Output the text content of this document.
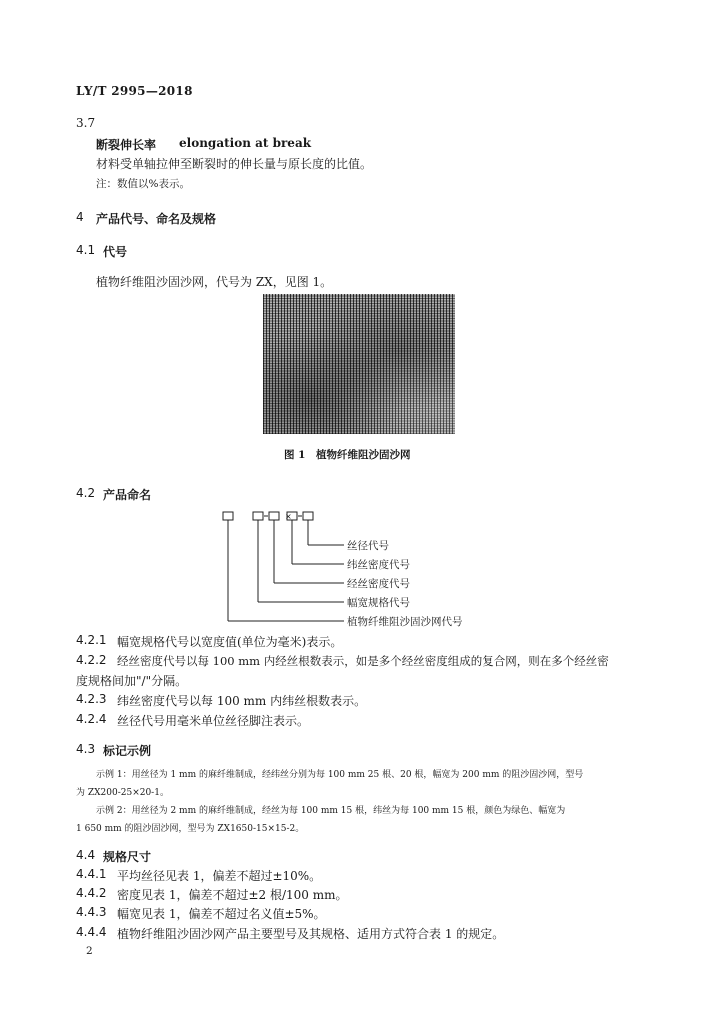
LY/T 2995—2018
3.7
断裂伸长率 elongation at break
材料受单轴拉伸至断裂时的伸长量与原长度的比值。
注：数值以%表示。
4 产品代号、命名及规格
4.1 代号
植物纤维阻沙固沙网，代号为 ZX，见图 1。
图 1　植物纤维阻沙固沙网
4.2 产品命名
×
丝径代号
纬丝密度代号
经丝密度代号
幅宽规格代号
植物纤维阻沙固沙网代号
4.2.1 幅宽规格代号以宽度值(单位为毫米)表示。
4.2.2 经丝密度代号以每 100 mm 内经丝根数表示，如是多个经丝密度组成的复合网，则在多个经丝密
度规格间加"/"分隔。
4.2.3 纬丝密度代号以每 100 mm 内纬丝根数表示。
4.2.4 丝径代号用毫米单位丝径脚注表示。
4.3 标记示例
示例 1：用丝径为 1 mm 的麻纤维制成，经纬丝分别为每 100 mm 25 根、20 根，幅宽为 200 mm 的阻沙固沙网，型号
为 ZX200-25×20-1。
示例 2：用丝径为 2 mm 的麻纤维制成，经丝为每 100 mm 15 根，纬丝为每 100 mm 15 根，颜色为绿色、幅宽为
1 650 mm 的阻沙固沙网，型号为 ZX1650-15×15-2。
4.4 规格尺寸
4.4.1 平均丝径见表 1，偏差不超过±10%。
4.4.2 密度见表 1，偏差不超过±2 根/100 mm。
4.4.3 幅宽见表 1，偏差不超过名义值±5%。
4.4.4 植物纤维阻沙固沙网产品主要型号及其规格、适用方式符合表 1 的规定。
2
